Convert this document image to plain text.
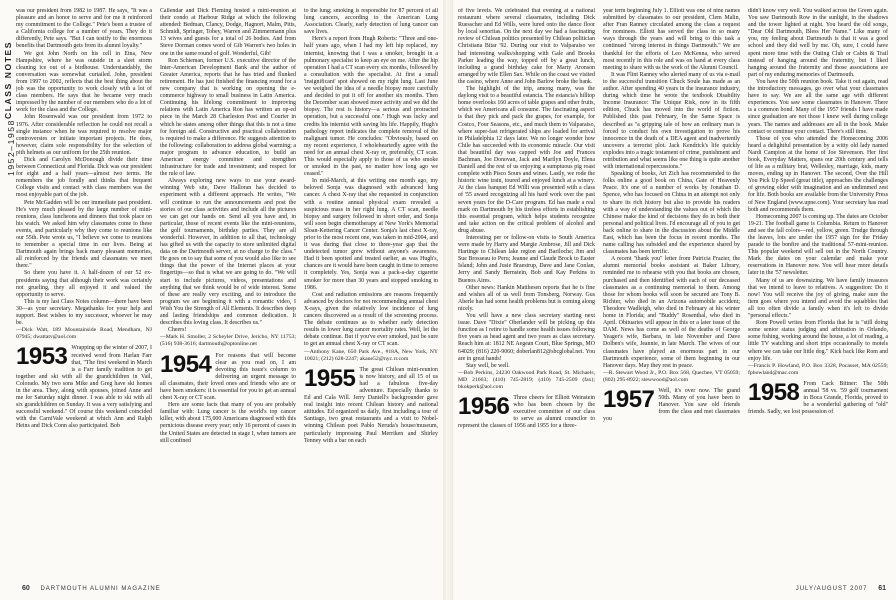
1952–1958
CLASS NOTES

was our president from 1982 to 1987. He says, "It was a pleasure and an honor to serve and for me it reinforced my commitment to the College." Pete's been a trustee of a California college for a number of years. They do it differently, Pete says. "But I can testify to the enormous benefits that Dartmouth gets from its alumni loyalty."

We got John North on his cell in Etna, New Hampshire, where he was outside in a sleet storm cleaning ice out of a birdhouse. Understandably, the conversation was somewhat curtailed. John, president from 1997 to 2002, reflects that the best thing about the job was the opportunity to work closely with a lot of class members. He says that he became very much impressed by the number of our members who do a lot of work for the class and the College.

John Rosenwald was our president from 1972 to 1976. After considerable reflection he could not recall a single instance when he was required to resolve major controversies or initiate important projects. He does, however, claim sole responsibility for the selection of pith helmets as our uniform for the 25th reunion.

Dick and Carolyn McDonough divide their time between Connecticut and Florida. Dick was our president for eight and a half years—almost two terms. He remembers the job fondly and thinks that frequent College visits and contact with class members was the most enjoyable part of the job.

Pete McGadden will be our immediate past president. He's very much pleased by the large number of mini-reunions, class luncheons and dinners that took place on his watch. We asked him why classmates come to these events, and particularly why they come to reunions like our 55th. Pete wrote us, "I believe we come to reunions to remember a special time in our lives. Being at Dartmouth again brings back many pleasant memories, all reinforced by the friends and classmates we meet there."

So there you have it. A half-dozen of our 52 ex-presidents saying that although their work was certainly not grueling, they all enjoyed it and valued the opportunity to serve.

This is my last Class Notes column—there have been 30—as your secretary. Megathanks for your help and support. Best wishes to my successor, whoever he may be.

—Dick Watt, 189 Mountainside Road, Mendham, NJ 07945; dwattatv@aol.com

1953 Wrapping up the winter of 2007, I received word from Harlan Farr that, "The first weekend in March is a Farr family tradition to get together and ski with all the grandchildren in Vail, Colorado. My two sons Mike and Greg have ski homes in the area. They, along with spouses, joined Anne and me for Saturday night dinner. I was able to ski with all six grandchildren on Sunday. It was a very satisfying and successful weekend." Of course this weekend coincided with the CarniVale weekend at which Ann and Ralph Heins and Dick Conn also participated. Bob

Callendar and Dick Fleming hosted a mini-reunion at their condo at Harbour Ridge at which the following attended: Bedman, Clancy, Dodge, Hagnort, Malm, Pitts, Schmidt, Springer, Tobey, Warren and Zimmermann plus 13 wives and guests for a total of 26 bodies. And from Steve Dorman comes word of Gib Warren's two holes in one in the same round of golf. Wonderful, Gib!

Ron Schieman, former U.S. executive director of the Inter-American Development Bank and the author of Greater America, reports that he has tried and flunked retirement. He has just finished the financing round for a new company that is working on opening the e-commerce highway to small business in Latin America. Continuing his lifelong commitment to improving relations with Latin America Ron has written an op-ed piece in the March 28 Charleston Post and Courier in which he states among other things that this is not a time for foreign aid. Constructive and practical collaboration is required to make a difference. He suggests attention to the following: collaboration to address global warming; a major program to advance education, to build an American energy committee and strengthen infrastructure for trade and investment; and respect for the rule of law.

Always exploring new ways to use your award-winning Web site, Dave Halloran has decided to experiment with a different approach. He writes, "We will continue to run the announcements and post the stories of our class activities and include all the pictures we can get our hands on. Send all you have and, in particular, those of recent events like the mini-reunions, the golf tournaments, birthday parties. They are all wonderful. However, in addition to all that, technology has gifted us with the capacity to store unlimited digital data on the Dartmouth server, at no charge to the class." He goes on to say that some of you would also like to see things that the power of the Internet places at your fingertips—so that is what we are going to do. "We will start to include pictures, videos, presentations and anything that we think would be of wide interest. Some of these are really very exciting, and to introduce the program we are beginning it with a romantic video, I Wish You the Strength of All Elements. It describes deep and lasting friendships and common dedication. It describes this loving class. It describes us."

Cheers!

—Mark H. Smoller, 2 Scheyler Drive, Jericho, NY 11753; (516) 938-3616; dartmouth@optonline.net

1954 For reasons that will become clear as you read on, I am devoting this issue's column to delivering an urgent message to all classmates, their loved ones and friends who are or have been smokers: it is essential for you to get an annual chest X-ray or CT scan.

Here are some facts that many of you are probably familiar with: Lung cancer is the world's top cancer killer, with about 175,000 Americans diagnosed with this pernicious disease every year; only 16 percent of cases in the United States are detected in stage I, when tumors are still confined

to the lung; smoking is responsible for 87 percent of all lung cancers, according to the American Lung Association. Clearly, early detection of lung cancer can save lives.

Here's a report from Hugh Roberts: "Three and one-half years ago, when I had my left hip replaced, my internist, knowing that I was a smoker, brought in a pulmonary specialist to keep an eye on me. After the hip operation I had a CT scan every six months, followed by a consultation with the specialist. At first a small 'insignificant' spot showed on my right lung. Last June we weighed the idea of a needle biopsy more carefully and decided to put it off for another six months. Then the December scan showed more activity and we did the biopsy. The rest is history—a serious and protracted operation, but a successful one." Hugh was lucky and credits his internist with saving his life. Happily, Hugh's pathology report indicates the complete removal of the malignant tumor. He concludes: "Obviously, based on my recent experience, I wholeheartedly agree with the need for an annual chest X-ray or, preferably, CT scan. This would especially apply to those of us who smoke or smoked in the past, no matter how long ago we ceased."

In mid-March, at this writing one month ago, my beloved Sonja was diagnosed with advanced lung cancer. A chest X-ray that she requested in conjunction with a routine annual physical exam revealed a suspicious mass in her right lung. A CT scan, needle biopsy and surgery followed in short order, and Sonja will soon begin chemotherapy at New York's Memorial Sloan-Kettering Cancer Center. Sonja's last chest X-ray, prior to the most recent one, was taken in mid-2004, and it was during that close to three-year gap that the undetected tumor grew without anyone's awareness. Had it been spotted and treated earlier, as was Hugh's, chances are it would have been caught in time to remove it completely. Yes, Sonja was a pack-a-day cigarette smoker for more than 30 years and stopped smoking in 1986.

Cost and radiation emissions are reasons frequently advanced by doctors for not recommending annual chest X-rays, given the relatively low incidence of lung cancers discovered as a result of the screening process. The debate continues as to whether early detection results in lower lung cancer mortality rates. Well, let the debate continue. But if you've ever smoked, just be sure to get an annual chest X-ray or CT scan.

—Anthony Kane, 650 Park Ave., #18A, New York, NY 10021; (212) 628-2247; akane52@nyc.rr.com

1955 The great Chilean mini-reunion is now history, and all 15 of us had a fabulous five-day adventure. Especially thanks to Ed and Cala Will. Jerry Daniell's backgrounder gave real insight into recent Chilean history and national attitudes. Ed organized us daily, first including a tour of Santiago, two great restaurants and a visit to Nobel-winning Chilean poet Pablo Neruda's house/museum, particularly impressing Paul Merriken and Shirley Tenney with a bar on each

of five levels. We celebrated that evening at a national restaurant where several classmates, including Dick Ruesscher and Ed Wills, were lured onto the dance floor by local senoritas. On the next day we had a fascinating review of Chilean politics presented by Chilean politician Christiana Bitar '92. During our visit to Valparaiso we had interesting walks/shopping with Gale and Brooks Parker leading the way, topped off by a great lunch, including a grand birthday cake for Marty Aronson arranged by wife Ellen Sax. While on the coast we visited the casino, where Anne and John Barlow broke the bank.

The highlight of the trip, among many, was the daylong visit to a beautiful estancia. The estancia's hilltop home overlooks 160 acres of table grapes and other fruits, which we Americans all consume. The fascinating aspect is that they pick and pack the grapes, for example, for Costco, Four Seasons, etc., and much them to Valparaiso, where super-fast refrigerated ships are loaded for arrival in Philadelphia 12 days later. We no longer wonder how Chile has succeeded with its economic miracle. Our visit that beautiful day was capped with Joe and Frances Bachman, Joe Donovan, Jack and Marilyn Doyle, Elena Daniell and the rest of us enjoying a sumptuous pig roast complete with Pisco Sours and wines. Lastly, we rode the historic wine train, toured and enjoyed lunch at a winery. At the class banquet Ed Willi was presented with a class of '55 award recognizing all his hard work over the past seven years for the D-Care program. Ed has made a real mark on Dartmouth by his tireless efforts in establishing this essential program, which helps students recognize and take action on the critical problem of alcohol and drug abuse.

Interesting per or follow-on visits to South America were made by Harry and Margie Ambrose, Jill and Dick Hartinge to Chilean lake region and Bariloche; Jim and Sue Brosseau to Peru; Jeanne and Claude Brock to Easter Island; John and Jusie Braestrup, Dave and Jane Conlan, Jerry and Sandy Bernstein, Bob and Kay Perkins to Buenos Aires.

Other news: Hankin Matthesen reports that he is fine and wishes all of us well from Tonsberg, Norway. Gus Aberle has had some health problems but is coming along nicely.

You will have a new class secretary starting next issue. Dave "Dixie" Oberlander will be picking up this function as I retire to handle some health issues following five years as head agent and two years as class secretary. Reach him at: 1812 NE Aegean Court, Blue Springs, MO 64029; (816) 220-9060; doberlan812@sbcglobal.net. You are in great hands!

Stay well, be well.

—Bob Perkins, 24230 Oakwood Park Road, St. Michaels, MD 21663; (410) 745-2819; (410) 745-2509 (fax); bkokperk@aol.com

1956 Three cheers for Elliott Weinstein who has been chosen by the executive committee of our class to serve as alumni councilor to represent the classes of 1956 and 1955 for a three-

year term beginning July 1. Elliott was one of nine names submitted by classmates to our president, Clem Malin, after Fran Ranney circulated among the class a request for nominees. Elliott has served the class in so many ways through the years and will bring to this task a continued "strong interest in things Dartmouth." We are thankful for the efforts of Leo McKenna, who served most recently in this role and was on hand at every class meeting to share with us the work of the Alumni Council.

It was Flint Ranney who alerted many of us via e-mail to the successful transition Chuck Soule has made as an author. After spending 40 years in the insurance industry, during which time he wrote the textbook Disability Income Insurance: The Unique Risk, now in its fifth edition, Chuck has moved into the world of fiction. Published this past February, In the Same Space is described as "a gripping tale of how an ordinary man is forced to conduct his own investigation to prove his innocence in the death of a DEA agent and inadvertently uncovers a terrorist plot. Jack Kendrick's life quickly explodes into a tragic testament of crime, punishment and retribution and what seems like one thing is quite another with international repercussions."

Speaking of books, Art Zich has recommended to the folks online a good book on China, Gate of Heavenly Peace. It's one of a number of works by Jonathan D. Spence, who has focused on China in an attempt not only to share its rich history but also to provide his readers with a way of understanding the values out of which the Chinese make the kind of decisions they do in both their personal and political lives. I'd encourage all of you to get back online to share in the discussion about the Middle East, which has been the focus in recent months. The name calling has subsided and the experience shared by classmates has been terrific.

A recent "thank you" letter from Patricia Frazier, the alumni memorial books assistant at Baker Library, reminded me to rehearse with you that books are chosen, purchased and then identified with each of our deceased classmates as a continuing memorial to them. Among those for whom books will soon be secured are Tony B. Richter, who died in an Arizona automobile accident; Theodore Wadleigh, who died in February at his winter home in Florida; and "Buddy" Rosenthal, who died in April. Obituaries will appear in this or a later issue of the DAM. News has come as well of the deaths of George Yeager's wife, Barbara, in late November and Dave Dolben's wife, Jeannie, in late March. The wives of our classmates have played an enormous part in our Dartmouth experience, some of them beginning in our Hanover days. May they rest in peace.

—R. Stewart Wood Jr., P.O. Box 568, Quechee, VT 05059; (802) 295-8922; stewwood@aol.com

1957 Well, it's over now. The grand 50th. Many of you have been to Hanover. You saw old friends from the class and met classmates you

didn't know very well. You walked across the Green again. You saw Dartmouth Row in the sunlight, in the shadows and the tower lighted at night. You heard the old songs, "Dear Old Dartmouth, Bless Her Name." Like many of you, my feeling about Dartmouth is that it was a good school and they did well by me. Oh, sure, I could have spent more time with the Outing Club or Cabin & Trail instead of hanging around the fraternity, but I liked hanging around the fraternity and those associations are part of my enduring memories of Dartmouth.

You have the 50th reunion book. Take it out again, read the introductory messages, go over what your classmates have to say. We are all the same age with different experiences. You saw some classmates in Hanover. There is a common bond. Many of the 1957 friends I have made since graduation are not those I knew well during college years. The names and addresses are all in the book. Make contact or continue your contact. There's still time.

Those of you who attended the Homecoming 2006 heard a delightful presentation by a witty old lady named Nardi Campion at the home of Joe Stevenson. Her first book, Everyday Matters, spans our 20th century and tells of life as a military brat, Wellesley, marriage, kids, many moves, ending up in Hanover. The second, Over the Hill You Pick Up Speed (great title), approaches the challenges of growing older with imagination and an undimmed zest for life. Both books are available from the University Press of New England (www.upne.com). Your secretary has read both and recommends them.

Homecoming 2007 is coming up. The dates are October 19-21. The football game is Columbia. Return to Hanover and see the fall colors—red, yellow, green. Trudge through the leaves, lots are under the 1957 sign for the Friday parade to the bonfire and the traditional 57-mini-reunion. This popular weekend will sell out in the North Country. Mark the dates on your calendar and make your reservations in Hanover now. You will hear more details later in the '57 newsletter.

Many of us are downsizing. We have family treasures that we intend to leave to relatives. A suggestion: Do it now! You will receive the joy of giving, make sure the item goes where you intend and avoid the squabbles that all too often divide a family when it's left to divide "personal effects."

Rom Powell writes from Florida that he is "still doing some senior status judging and arbitration in Orlando, some fishing, working around the house, a lot of reading, a little TV watching and short trips occasionally to motels where we can take our little dog." Kick back like Rom and enjoy life.

—Francis P. Howland, P.O. Box 3328, Pocasset, MA 02559; fphowland@mac.com

1958 From Cack Bittner: The 50th annual '58 vs. '59 golf tournament in Boca Grande, Florida, proved to be a wonderful gathering of "old" friends. Sadly, we lost possession of

60 DARTMOUTH ALUMNI MAGAZINE	JULY/AUGUST 2007 61
